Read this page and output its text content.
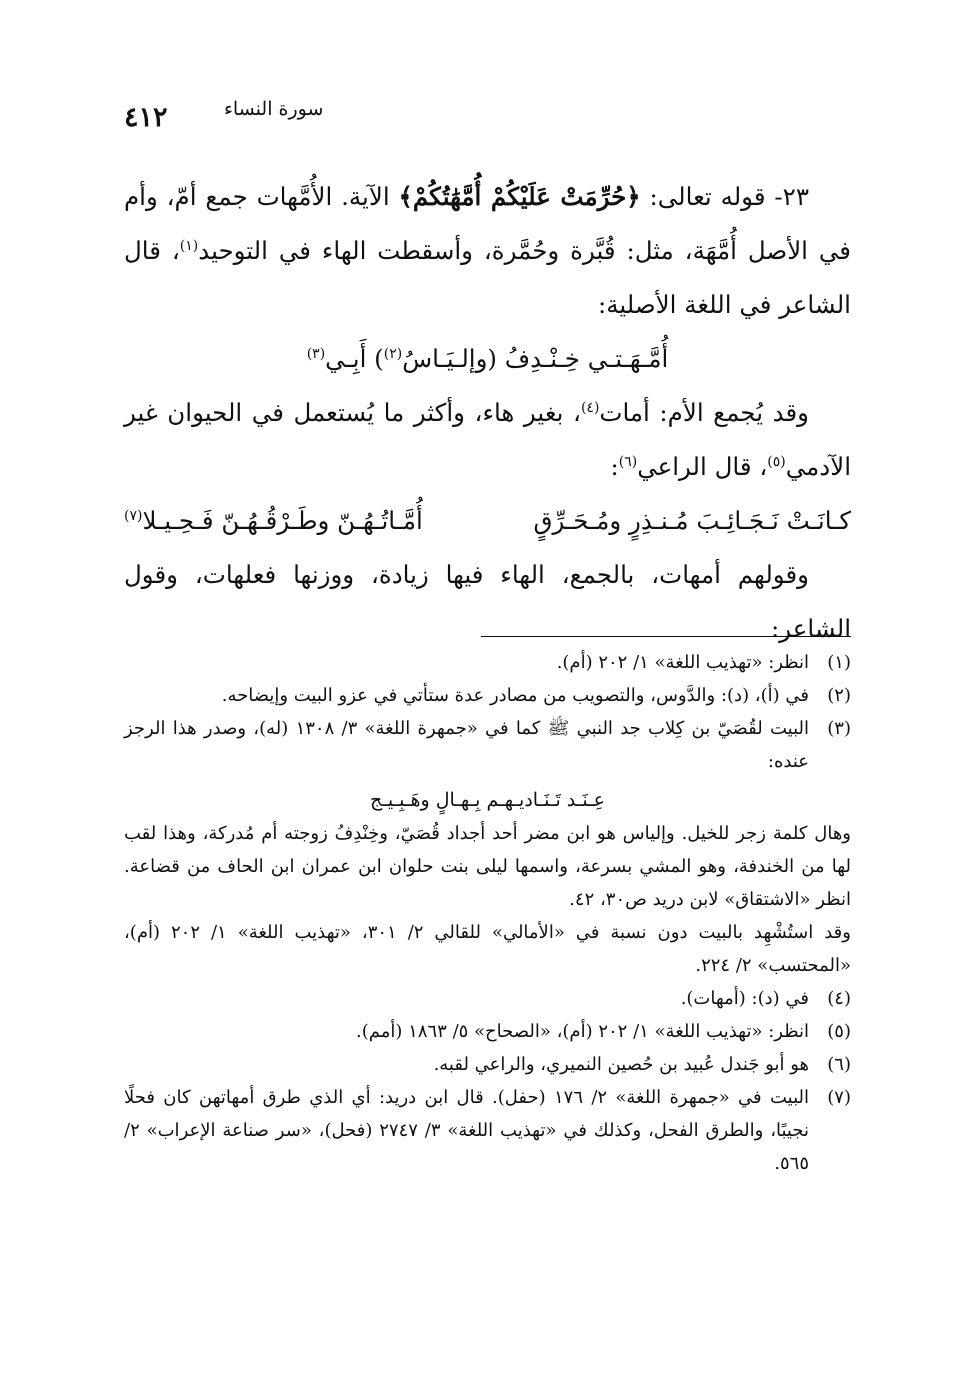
سورة النساء
٤١٢

٢٣- قوله تعالى: ﴿حُرِّمَتْ عَلَيْكُمْ أُمَّهَٰتُكُمْ﴾ الآية. الأُمَّهات جمع أمّ، وأم في الأصل أُمَّهَة، مثل: قُبَّرة وحُمَّرة، وأسقطت الهاء في التوحيد$^{(١)}$، قال الشاعر في اللغة الأصلية:

أُمَّـهَـتـي خِـنْـدِفُ (وإلـيَـاسُ$^{(٢)}$) أَبِـي$^{(٣)}$

وقد يُجمع الأم: أمات$^{(٤)}$، بغير هاء، وأكثر ما يُستعمل في الحيوان غير الآدمي$^{(٥)}$، قال الراعي$^{(٦)}$:

كـانَـتْ نَـجَـائِـبَ مُـنـذِرٍ ومُـحَـرِّقٍ
أُمَّـاتُـهُـنّ وطَـرْقُـهُـنّ فَـحِـيـلا$^{(٧)}$

وقولهم أمهات، بالجمع، الهاء فيها زيادة، ووزنها فعلهات، وقول الشاعر:

(١)
انظر: «تهذيب اللغة» ١/ ٢٠٢ (أم).
(٢)
في (أ)، (د): والدَّوس، والتصويب من مصادر عدة ستأتي في عزو البيت وإيضاحه.
(٣)
البيت لقُصَيّ بن كِلاب جد النبي ﷺ كما في «جمهرة اللغة» ٣/ ١٣٠٨ (له)، وصدر هذا الرجز عنده:

عِـنَـد تَـنَـاديـهـم بِـهـالٍ وهَـبِـيـج

وهال كلمة زجر للخيل. وإلياس هو ابن مضر أحد أجداد قُصَيّ، وخِنْدِفُ زوجته أم مُدركة، وهذا لقب لها من الخندفة، وهو المشي بسرعة، واسمها ليلى بنت حلوان ابن عمران ابن الحاف من قضاعة. انظر «الاشتقاق» لابن دريد ص٣٠، ٤٢.

وقد استُشْهِد بالبيت دون نسبة في «الأمالي» للقالي ٢/ ٣٠١، «تهذيب اللغة» ١/ ٢٠٢ (أم)، «المحتسب» ٢/ ٢٢٤.

(٤)
في (د): (أمهات).
(٥)
انظر: «تهذيب اللغة» ١/ ٢٠٢ (أم)، «الصحاح» ٥/ ١٨٦٣ (أمم).
(٦)
هو أبو جَندل عُبيد بن حُصين النميري، والراعي لقبه.
(٧)
البيت في «جمهرة اللغة» ٢/ ١٧٦ (حفل). قال ابن دريد: أي الذي طرق أمهاتهن كان فحلًا نجيبًا، والطرق الفحل، وكذلك في «تهذيب اللغة» ٣/ ٢٧٤٧ (فحل)، «سر صناعة الإعراب» ٢/ ٥٦٥.
